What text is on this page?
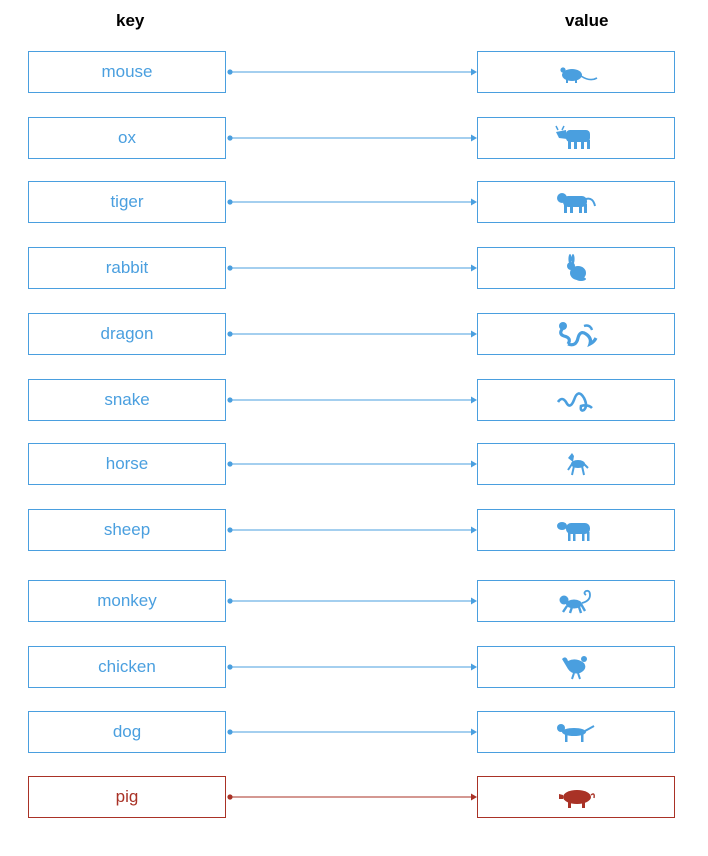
key	value
mouse
ox
tiger
rabbit
dragon
snake
horse
sheep
monkey
chicken
dog
pig
